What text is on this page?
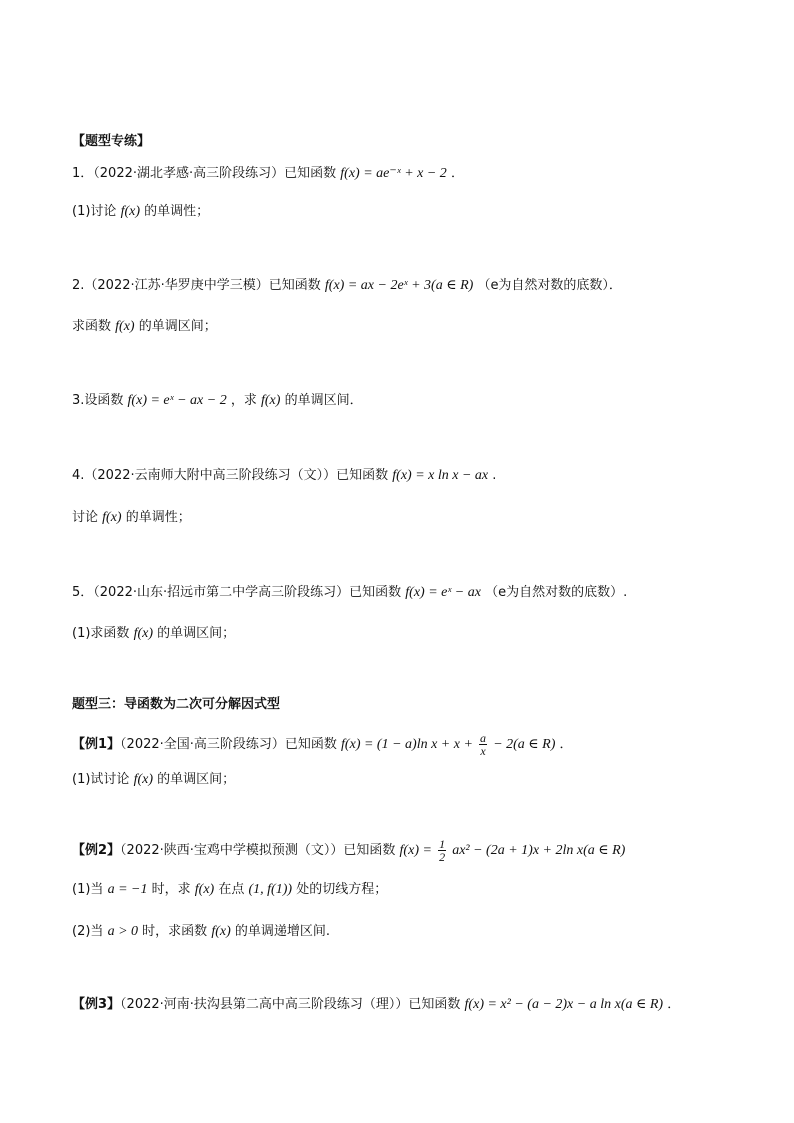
【题型专练】
1．（2022·湖北孝感·高三阶段练习）已知函数 f(x) = ae⁻ˣ + x − 2 ．
(1)讨论 f(x) 的单调性；
2.（2022·江苏·华罗庚中学三模）已知函数 f(x) = ax − 2eˣ + 3(a ∈ R) （e为自然对数的底数）．
求函数 f(x) 的单调区间；
3.设函数 f(x) = eˣ − ax − 2 ，求 f(x) 的单调区间．
4.（2022·云南师大附中高三阶段练习（文））已知函数 f(x) = x ln x − ax .
讨论 f(x) 的单调性；
5．（2022·山东·招远市第二中学高三阶段练习）已知函数 f(x) = eˣ − ax （e为自然对数的底数）.
(1)求函数 f(x) 的单调区间；
题型三：导函数为二次可分解因式型
【例1】（2022·全国·高三阶段练习）已知函数 f(x) = (1 − a)ln $x + x + \frac{a}{x} - 2(a$ ∈ R) ．
(1)试讨论 f(x) 的单调区间；
【例2】（2022·陕西·宝鸡中学模拟预测（文））已知函数 $f(x) = \frac{1}{2} ax^2 - (2a + 1)x + 2\ln$ x(a ∈ R)
(1)当 a = −1 时，求 f(x) 在点 (1, f(1)) 处的切线方程；
(2)当 a > 0 时，求函数 f(x) 的单调递增区间.
【例3】（2022·河南·扶沟县第二高中高三阶段练习（理））已知函数 f(x) = x² − (a − 2)x − a ln x(a ∈ R) ．
